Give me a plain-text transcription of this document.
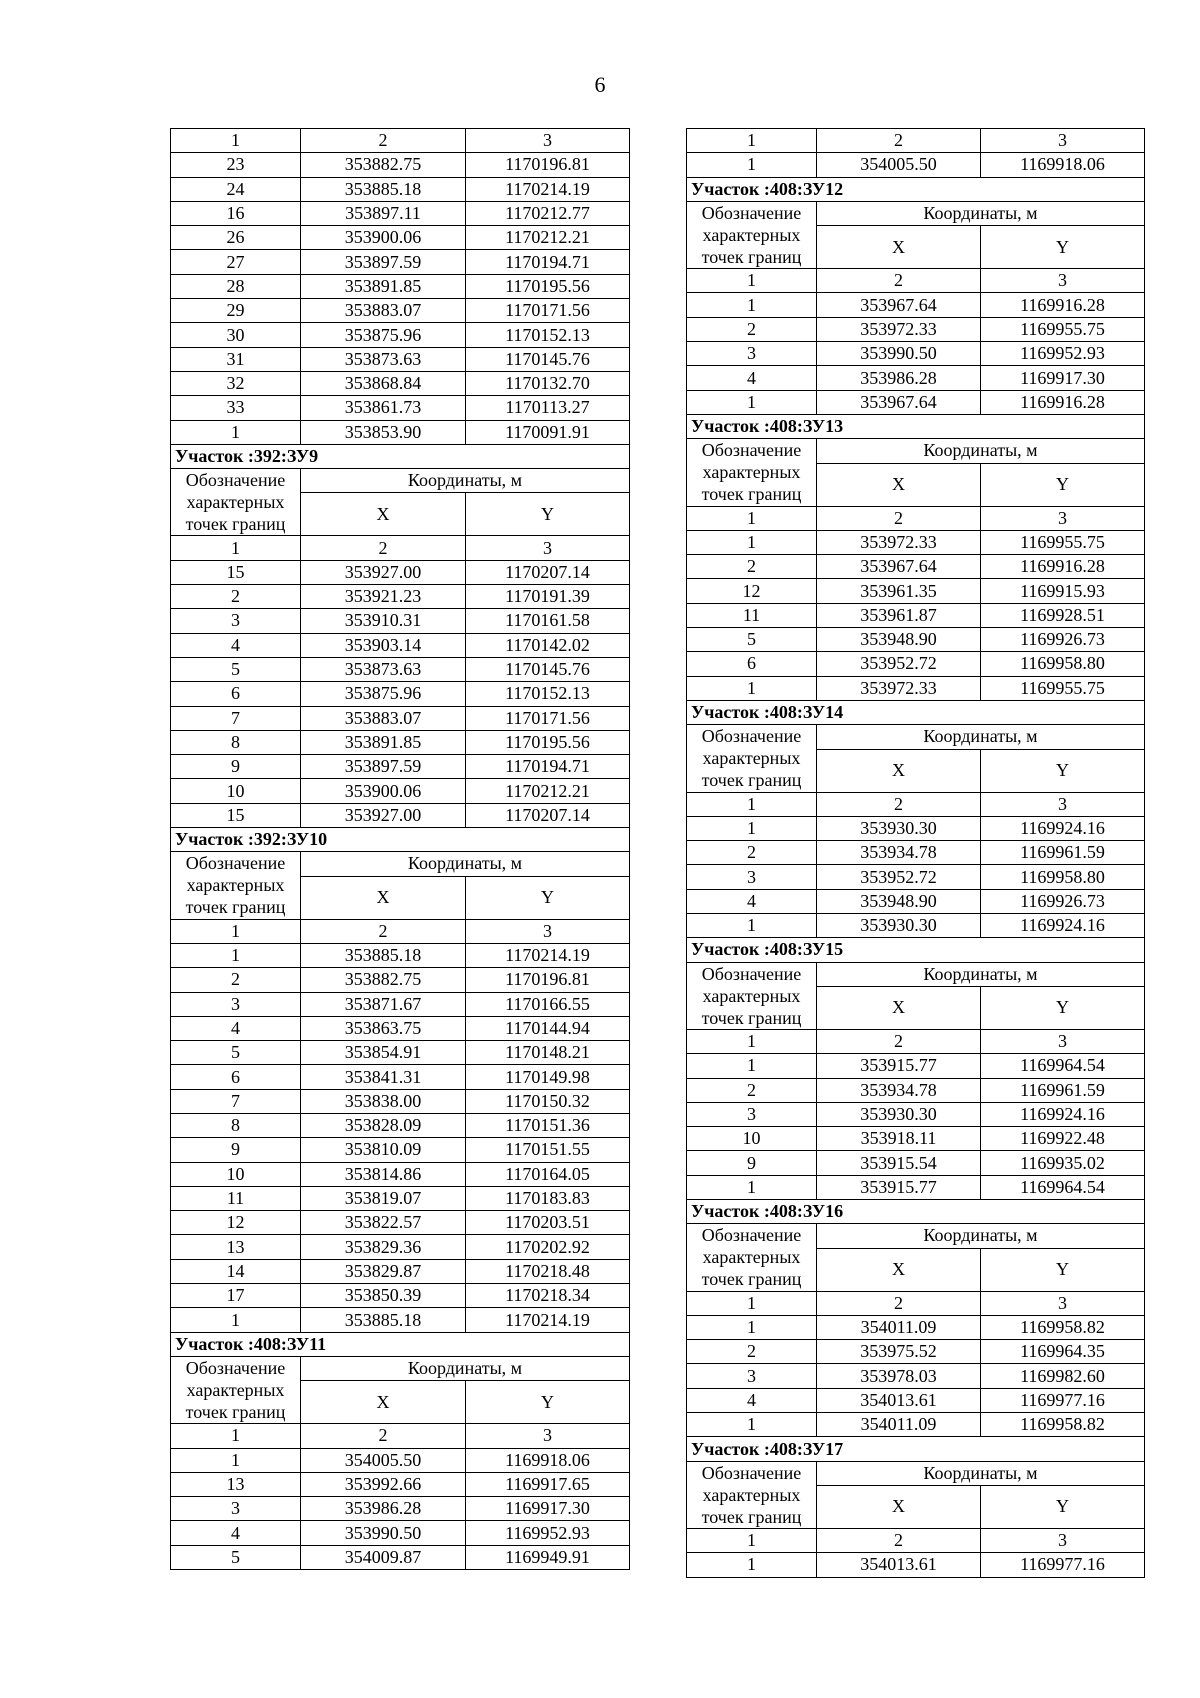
6
1	2	3
23	353882.75	1170196.81
24	353885.18	1170214.19
16	353897.11	1170212.77
26	353900.06	1170212.21
27	353897.59	1170194.71
28	353891.85	1170195.56
29	353883.07	1170171.56
30	353875.96	1170152.13
31	353873.63	1170145.76
32	353868.84	1170132.70
33	353861.73	1170113.27
1	353853.90	1170091.91
Участок :392:ЗУ9		
Обозначение характерных точек границ	Координаты, м	
	X	Y
1	2	3
15	353927.00	1170207.14
2	353921.23	1170191.39
3	353910.31	1170161.58
4	353903.14	1170142.02
5	353873.63	1170145.76
6	353875.96	1170152.13
7	353883.07	1170171.56
8	353891.85	1170195.56
9	353897.59	1170194.71
10	353900.06	1170212.21
15	353927.00	1170207.14
Участок :392:ЗУ10		
Обозначение характерных точек границ	Координаты, м	
	X	Y
1	2	3
1	353885.18	1170214.19
2	353882.75	1170196.81
3	353871.67	1170166.55
4	353863.75	1170144.94
5	353854.91	1170148.21
6	353841.31	1170149.98
7	353838.00	1170150.32
8	353828.09	1170151.36
9	353810.09	1170151.55
10	353814.86	1170164.05
11	353819.07	1170183.83
12	353822.57	1170203.51
13	353829.36	1170202.92
14	353829.87	1170218.48
17	353850.39	1170218.34
1	353885.18	1170214.19
Участок :408:ЗУ11		
Обозначение характерных точек границ	Координаты, м	
	X	Y
1	2	3
1	354005.50	1169918.06
13	353992.66	1169917.65
3	353986.28	1169917.30
4	353990.50	1169952.93
5	354009.87	1169949.91
1	2	3
1	354005.50	1169918.06
Участок :408:ЗУ12		
Обозначение характерных точек границ	Координаты, м	
	X	Y
1	2	3
1	353967.64	1169916.28
2	353972.33	1169955.75
3	353990.50	1169952.93
4	353986.28	1169917.30
1	353967.64	1169916.28
Участок :408:ЗУ13		
Обозначение характерных точек границ	Координаты, м	
	X	Y
1	2	3
1	353972.33	1169955.75
2	353967.64	1169916.28
12	353961.35	1169915.93
11	353961.87	1169928.51
5	353948.90	1169926.73
6	353952.72	1169958.80
1	353972.33	1169955.75
Участок :408:ЗУ14		
Обозначение характерных точек границ	Координаты, м	
	X	Y
1	2	3
1	353930.30	1169924.16
2	353934.78	1169961.59
3	353952.72	1169958.80
4	353948.90	1169926.73
1	353930.30	1169924.16
Участок :408:ЗУ15		
Обозначение характерных точек границ	Координаты, м	
	X	Y
1	2	3
1	353915.77	1169964.54
2	353934.78	1169961.59
3	353930.30	1169924.16
10	353918.11	1169922.48
9	353915.54	1169935.02
1	353915.77	1169964.54
Участок :408:ЗУ16		
Обозначение характерных точек границ	Координаты, м	
	X	Y
1	2	3
1	354011.09	1169958.82
2	353975.52	1169964.35
3	353978.03	1169982.60
4	354013.61	1169977.16
1	354011.09	1169958.82
Участок :408:ЗУ17		
Обозначение характерных точек границ	Координаты, м	
	X	Y
1	2	3
1	354013.61	1169977.16
